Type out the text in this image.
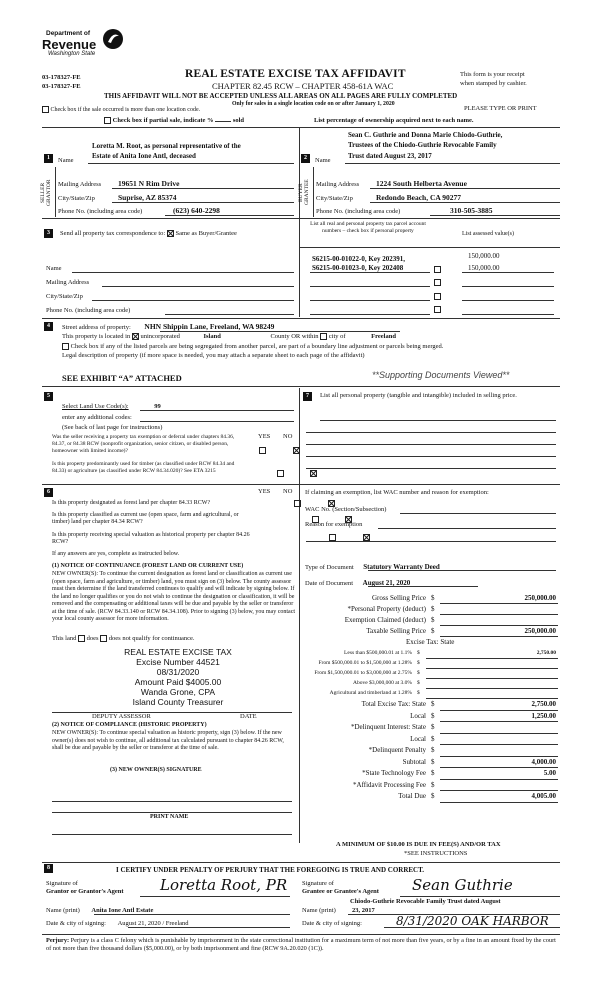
Department of
Revenue
Washington State
03-178327-FE
03-178327-FE
REAL ESTATE EXCISE TAX AFFIDAVIT
CHAPTER 82.45 RCW – CHAPTER 458-61A WAC
THIS AFFIDAVIT WILL NOT BE ACCEPTED UNLESS ALL AREAS ON ALL PAGES ARE FULLY COMPLETED
This form is your receipt
when stamped by cashier.
Only for sales in a single location code on or after January 1, 2020
PLEASE TYPE OR PRINT
Check box if the sale occurred is more than one location code.
Check box if partial sale, indicate %	sold	List percentage of ownership acquired next to each name.
1	Name
Loretta M. Root, as personal representative of the
Estate of Anita Ione Antl, deceased
SELLER GRANTOR Mailing Address 19651 N Rim Drive
City/State/Zip	Suprise, AZ 85374
Phone No. (including area code)	(623) 640-2298
2	Name
Sean C. Guthrie and Donna Marie Chiodo-Guthrie,
Trustees of the Chiodo-Guthrie Revocable Family
Trust dated August 23, 2017
BUYER GRANTEE Mailing Address 1224 South Helberta Avenue
City/State/Zip	Redondo Beach, CA 90277
Phone No. (including area code)	310-505-3885
3	Send all property tax correspondence to: Same as Buyer/Grantee
Name
Mailing Address
City/State/Zip
Phone No. (including area code)
List all real and personal property tax parcel account numbers – check box if personal property	List assessed value(s)
S6215-00-01022-0, Key 202391,
S6215-00-01023-0, Key 202408
150,000.00
150,000.00
4	Street address of property: NHN Shippin Lane, Freeland, WA 98249
This property is located in unincorporated	Island	County OR within city of	Freeland
Check box if any of the listed parcels are being segregated from another parcel, are part of a boundary line adjustment or parcels being merged.
Legal description of property (if more space is needed, you may attach a separate sheet to each page of the affidavit)
SEE EXHIBIT “A” ATTACHED	**Supporting Documents Viewed**
5
Select Land Use Code(s):	99
enter any additional codes:
(See back of last page for instructions)
YES NO
Was the seller receiving a property tax exemption or deferral under chapters 84.36, 84.37, or 84.38 RCW (nonprofit organization, senior citizen, or disabled person, homeowner with limited income)?

Is this property predominantly used for timber (as classified under RCW 84.34 and 84.33) or agriculture (as classified under RCW 84.34.020)? See ETA 3215

6	YES NO
Is this property designated as forest land per chapter 84.33 RCW?

Is this property classified as current use (open space, farm and agricultural, or timber) land per chapter 84.34 RCW?

Is this property receiving special valuation as historical property per chapter 84.26 RCW?

If any answers are yes, complete as instructed below.
(1) NOTICE OF CONTINUANCE (FOREST LAND OR CURRENT USE)
NEW OWNER(S): To continue the current designation as forest land or classification as current use (open space, farm and agriculture, or timber) land, you must sign on (3) below. The county assessor must then determine if the land transferred continues to qualify and will indicate by signing below. If the land no longer qualifies or you do not wish to continue the designation or classification, it will be removed and the compensating or additional taxes will be due and payable by the seller or transferor at the time of sale. (RCW 84.33.140 or RCW 84.34.108). Prior to signing (3) below, you may contact your local county assessor for more information.
This land does does not qualify for continuance.
REAL ESTATE EXCISE TAX
Excise Number 44521
08/31/2020
Amount Paid $4005.00
Wanda Grone, CPA
Island County Treasurer
DEPUTY ASSESSOR	DATE
(2) NOTICE OF COMPLIANCE (HISTORIC PROPERTY)
NEW OWNER(S): To continue special valuation as historic property, sign (3) below. If the new owner(s) does not wish to continue, all additional tax calculated pursuant to chapter 84.26 RCW, shall be due and payable by the seller or transferor at the time of sale.
(3) NEW OWNER(S) SIGNATURE
PRINT NAME
7	List all personal property (tangible and intangible) included in selling price.
If claiming an exemption, list WAC number and reason for exemption:
WAC No. (Section/Subsection)
Reason for exemption
Type of Document Statutory Warranty Deed
Date of Document August 21, 2020
Gross Selling Price $	250,000.00
*Personal Property (deduct) $
Exemption Claimed (deduct) $
Taxable Selling Price $	250,000.00
Excise Tax: State
Less than $500,000.01 at 1.1% $	2,750.00
From $500,000.01 to $1,500,000 at 1.28% $
From $1,500,000.01 to $3,000,000 at 2.75% $
Above $3,000,000 at 3.0% $
Agricultural and timberland at 1.28% $
Total Excise Tax: State $	2,750.00
Local $	1,250.00
*Delinquent Interest: State $
Local $
*Delinquent Penalty $
Subtotal $	4,000.00
*State Technology Fee $	5.00
*Affidavit Processing Fee $
Total Due $	4,005.00
A MINIMUM OF $10.00 IS DUE IN FEE(S) AND/OR TAX
*SEE INSTRUCTIONS
8	I CERTIFY UNDER PENALTY OF PERJURY THAT THE FOREGOING IS TRUE AND CORRECT.
Signature of
Grantor or Grantor's Agent Loretta Root, PR
Name (print) Anita Ione Antl Estate
Date & city of signing: August 21, 2020 / Freeland
Signature of
Grantee or Grantee's Agent Sean Guthrie
Name (print)
Chiodo-Guthrie Revocable Family Trust dated August
23, 2017
Date & city of signing:	8/31/2020 OAK HARBOR
Perjury: Perjury is a class C felony which is punishable by imprisonment in the state correctional institution for a maximum term of not more than five years, or by a fine in an amount fixed by the court of not more than five thousand dollars ($5,000.00), or by both imprisonment and fine (RCW 9A.20.020 (1C)).
